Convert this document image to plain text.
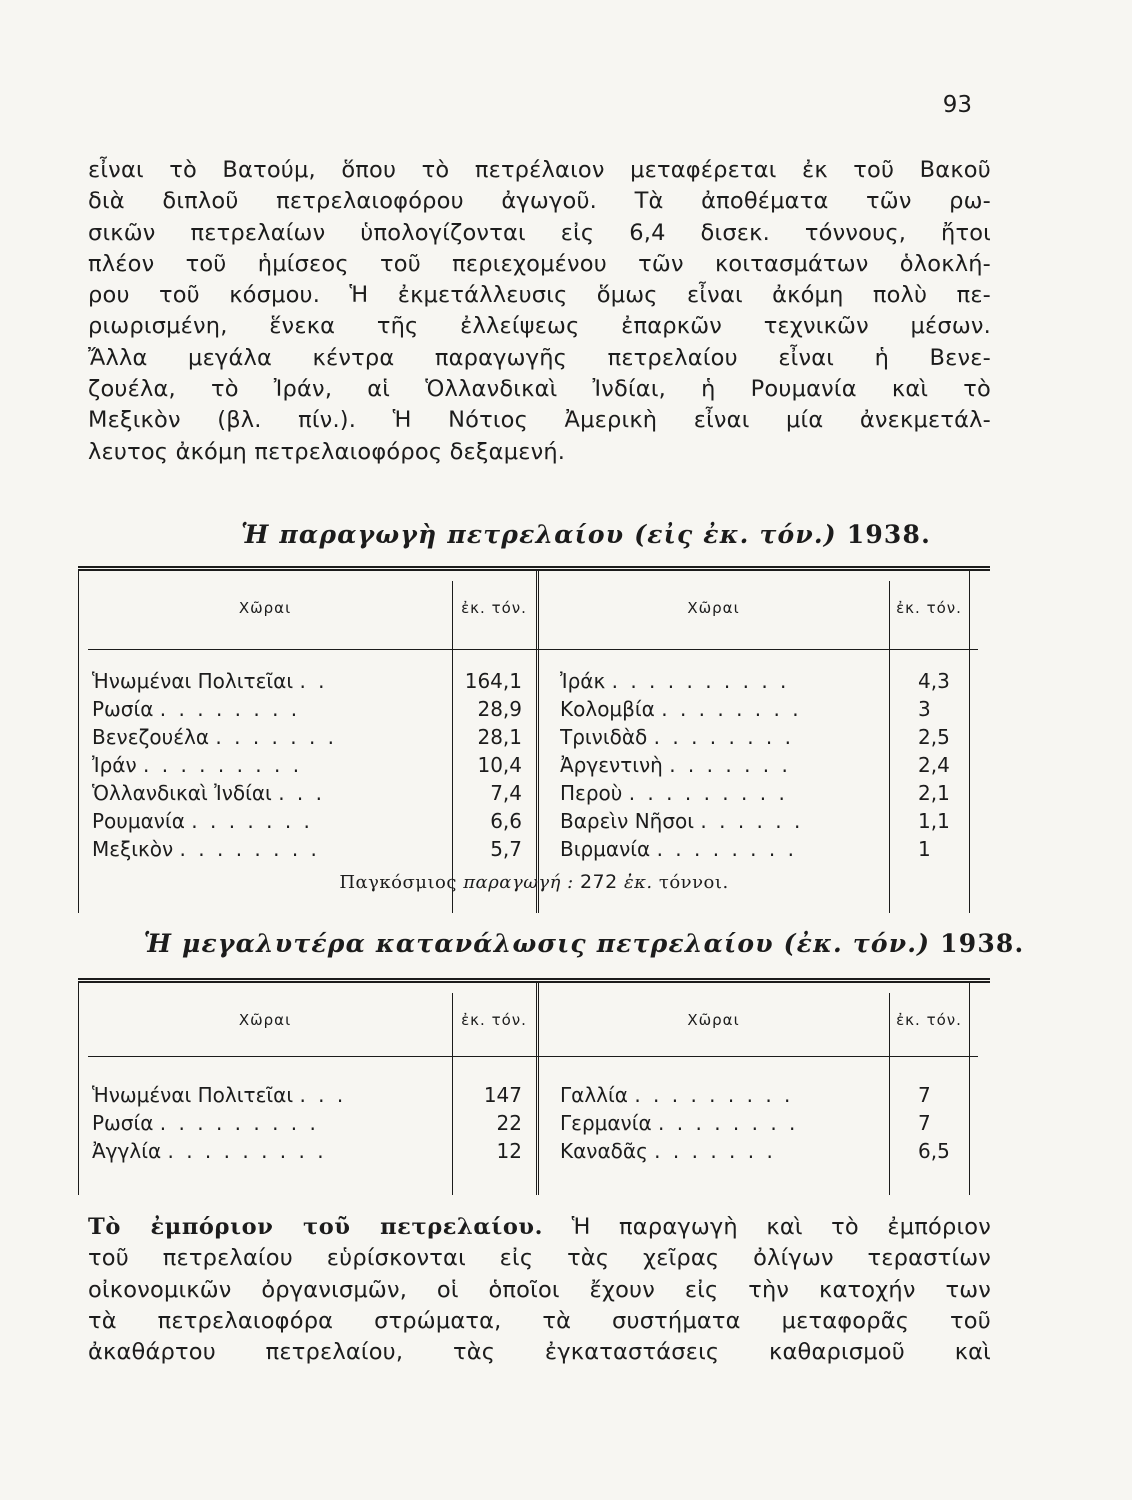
93
εἶναι τὸ Βατούμ, ὅπου τὸ πετρέλαιον μεταφέρεται ἐκ τοῦ Βακοῦ
διὰ διπλοῦ πετρελαιοφόρου ἀγωγοῦ. Τὰ ἀποθέματα τῶν ρω-
σικῶν πετρελαίων ὑπολογίζονται εἰς 6,4 δισεκ. τόννους, ἤτοι
πλέον τοῦ ἡμίσεος τοῦ περιεχομένου τῶν κοιτασμάτων ὁλοκλή-
ρου τοῦ κόσμου. Ἡ ἐκμετάλλευσις ὅμως εἶναι ἀκόμη πολὺ πε-
ριωρισμένη, ἕνεκα τῆς ἐλλείψεως ἐπαρκῶν τεχνικῶν μέσων.
Ἄλλα μεγάλα κέντρα παραγωγῆς πετρελαίου εἶναι ἡ Βενε-
ζουέλα, τὸ Ἰράν, αἱ Ὁλλανδικαὶ Ἰνδίαι, ἡ Ρουμανία καὶ τὸ
Μεξικὸν (βλ. πίν.). Ἡ Νότιος Ἀμερικὴ εἶναι μία ἀνεκμετάλ-
λευτος ἀκόμη πετρελαιοφόρος δεξαμενή.
Ἡ παραγωγὴ πετρελαίου (εἰς ἐκ. τόν.) 1938.
Χῶραι	ἐκ. τόν.	Χῶραι	ἐκ. τόν.
Ἡνωμέναι Πολιτεῖαι . .	164,1 Ἰράκ . . . . . . . . . .	4,3
Ρωσία . . . . . . . .	28,9 Κολομβία . . . . . . . .	3
Βενεζουέλα . . . . . . .	28,1 Τρινιδὰδ . . . . . . . .	2,5
Ἰράν . . . . . . . . .	10,4 Ἀργεντινὴ . . . . . . .	2,4
Ὁλλανδικαὶ Ἰνδίαι . . .	7,4 Περοὺ . . . . . . . . .	2,1
Ρουμανία . . . . . . .	6,6 Βαρεὶν Νῆσοι . . . . . .	1,1
Μεξικὸν . . . . . . . .	5,7 Βιρμανία . . . . . . . .	1
Παγκόσμιος παραγωγή : 272 ἐκ. τόννοι.
Ἡ μεγαλυτέρα κατανάλωσις πετρελαίου (ἐκ. τόν.) 1938.
Χῶραι	ἐκ. τόν.	Χῶραι	ἐκ. τόν.
Ἡνωμέναι Πολιτεῖαι . . .	147 Γαλλία . . . . . . . . .	7
Ρωσία . . . . . . . . .	22 Γερμανία . . . . . . . .	7
Ἀγγλία . . . . . . . . .	12 Καναδᾶς . . . . . . .	6,5
Τὸ ἐμπόριον τοῦ πετρελαίου. Ἡ παραγωγὴ καὶ τὸ ἐμπόριον
τοῦ πετρελαίου εὑρίσκονται εἰς τὰς χεῖρας ὀλίγων τεραστίων
οἰκονομικῶν ὀργανισμῶν, οἱ ὁποῖοι ἔχουν εἰς τὴν κατοχήν των
τὰ πετρελαιοφόρα στρώματα, τὰ συστήματα μεταφορᾶς τοῦ
ἀκαθάρτου πετρελαίου, τὰς ἐγκαταστάσεις καθαρισμοῦ καὶ
